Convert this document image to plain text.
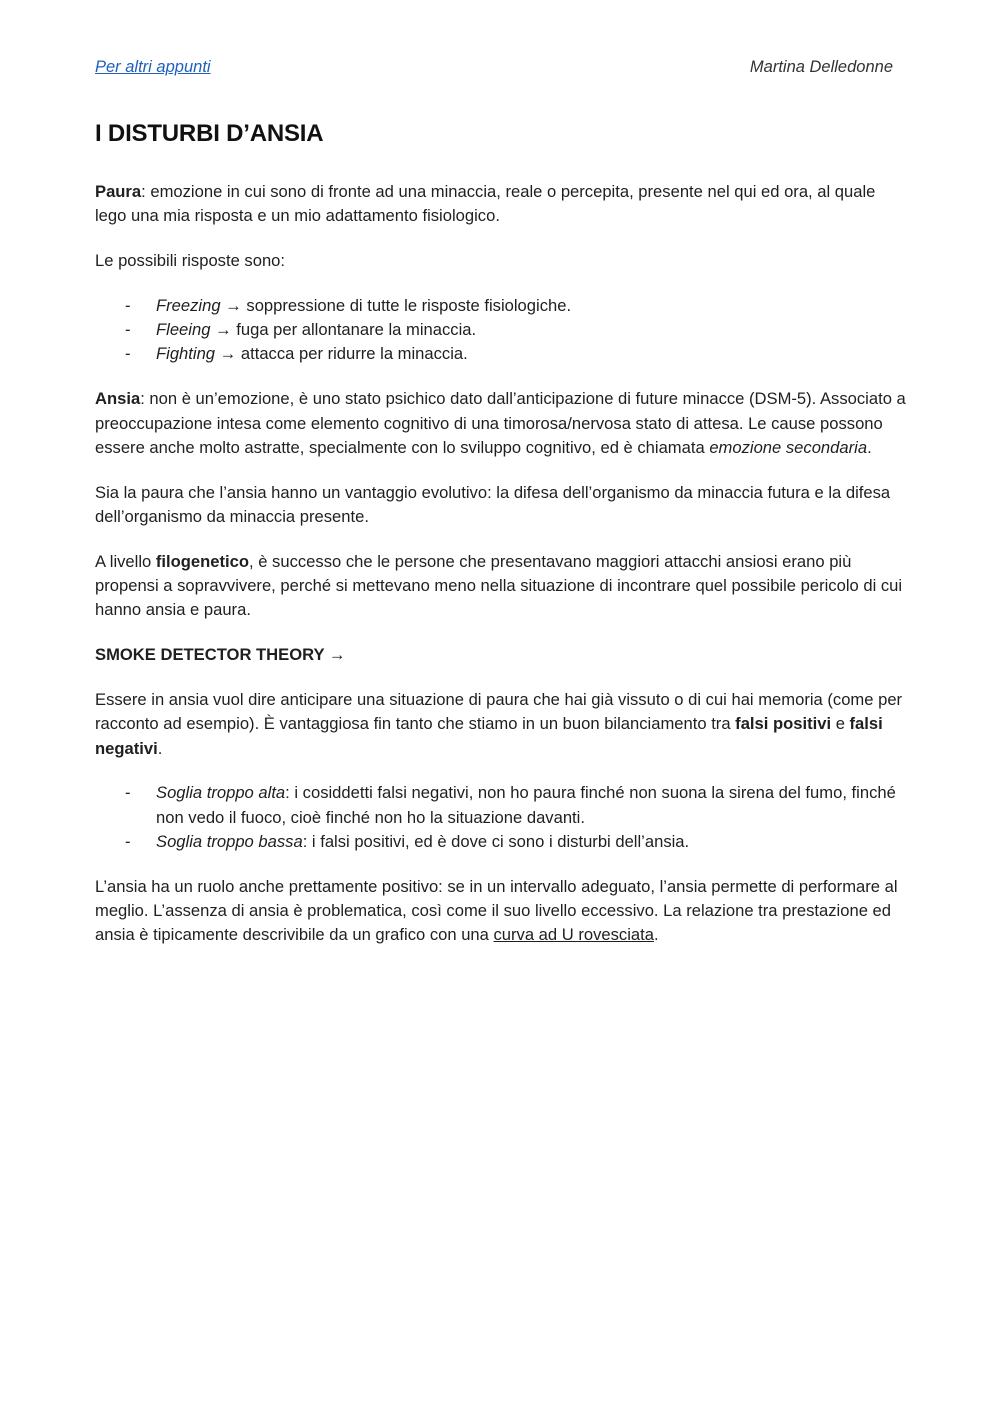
Per altri appunti	Martina Delledonne
I DISTURBI D’ANSIA

Paura: emozione in cui sono di fronte ad una minaccia, reale o percepita, presente nel qui ed ora, al quale lego una mia risposta e un mio adattamento fisiologico.

Le possibili risposte sono:

- Freezing → soppressione di tutte le risposte fisiologiche.
- Fleeing → fuga per allontanare la minaccia.
- Fighting → attacca per ridurre la minaccia.

Ansia: non è un’emozione, è uno stato psichico dato dall’anticipazione di future minacce (DSM-5). Associato a preoccupazione intesa come elemento cognitivo di una timorosa/nervosa stato di attesa. Le cause possono essere anche molto astratte, specialmente con lo sviluppo cognitivo, ed è chiamata emozione secondaria.

Sia la paura che l’ansia hanno un vantaggio evolutivo: la difesa dell’organismo da minaccia futura e la difesa dell’organismo da minaccia presente.

A livello filogenetico, è successo che le persone che presentavano maggiori attacchi ansiosi erano più propensi a sopravvivere, perché si mettevano meno nella situazione di incontrare quel possibile pericolo di cui hanno ansia e paura.

SMOKE DETECTOR THEORY →

Essere in ansia vuol dire anticipare una situazione di paura che hai già vissuto o di cui hai memoria (come per racconto ad esempio). È vantaggiosa fin tanto che stiamo in un buon bilanciamento tra falsi positivi e falsi negativi.

- Soglia troppo alta: i cosiddetti falsi negativi, non ho paura finché non suona la sirena del fumo, finché non vedo il fuoco, cioè finché non ho la situazione davanti.
- Soglia troppo bassa: i falsi positivi, ed è dove ci sono i disturbi dell’ansia.

L’ansia ha un ruolo anche prettamente positivo: se in un intervallo adeguato, l’ansia permette di performare al meglio. L’assenza di ansia è problematica, così come il suo livello eccessivo. La relazione tra prestazione ed ansia è tipicamente descrivibile da un grafico con una curva ad U rovesciata.
